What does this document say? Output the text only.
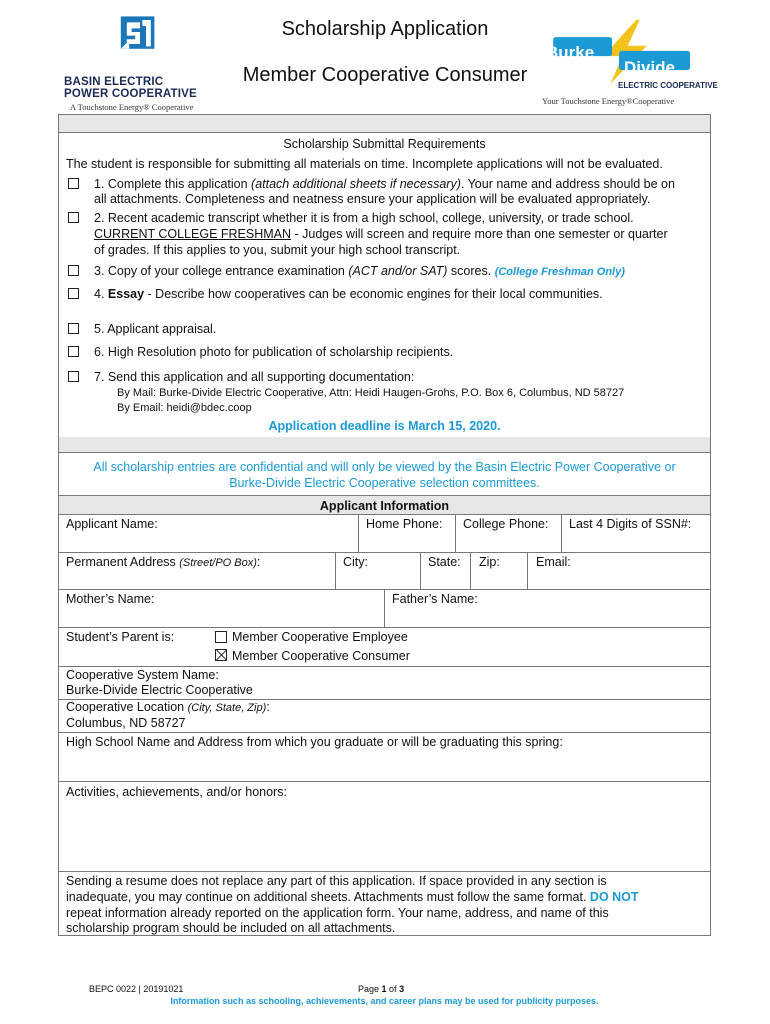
BASIN ELECTRIC
POWER COOPERATIVE
A Touchstone Energy® Cooperative
Scholarship Application
Member Cooperative Consumer
Burke
Divide
ELECTRIC COOPERATIVE
Your Touchstone Energy®Cooperative
Scholarship Submittal Requirements
The student is responsible for submitting all materials on time. Incomplete applications will not be evaluated.
1. Complete this application (attach additional sheets if necessary). Your name and address should be on
all attachments. Completeness and neatness ensure your application will be evaluated appropriately.
2. Recent academic transcript whether it is from a high school, college, university, or trade school.
CURRENT COLLEGE FRESHMAN - Judges will screen and require more than one semester or quarter
of grades. If this applies to you, submit your high school transcript.
3. Copy of your college entrance examination (ACT and/or SAT) scores. (College Freshman Only)
4. Essay - Describe how cooperatives can be economic engines for their local communities.
5. Applicant appraisal.
6. High Resolution photo for publication of scholarship recipients.
7. Send this application and all supporting documentation:
By Mail: Burke-Divide Electric Cooperative, Attn: Heidi Haugen-Grohs, P.O. Box 6, Columbus, ND 58727
By Email: heidi@bdec.coop
Application deadline is March 15, 2020.
All scholarship entries are confidential and will only be viewed by the Basin Electric Power Cooperative or
Burke-Divide Electric Cooperative selection committees.
Applicant Information
Applicant Name:	Home Phone: College Phone: Last 4 Digits of SSN#:
Permanent Address (Street/PO Box):	City:	State: Zip:	Email:
Mother’s Name:	Father’s Name:
Student’s Parent is:	Member Cooperative Employee
Member Cooperative Consumer
Cooperative System Name:
Burke-Divide Electric Cooperative
Cooperative Location (City, State, Zip):
Columbus, ND 58727
High School Name and Address from which you graduate or will be graduating this spring:
Activities, achievements, and/or honors:
Sending a resume does not replace any part of this application. If space provided in any section is
inadequate, you may continue on additional sheets. Attachments must follow the same format. DO NOT
repeat information already reported on the application form. Your name, address, and name of this
scholarship program should be included on all attachments.
BEPC 0022 | 20191021	Page 1 of 3
Information such as schooling, achievements, and career plans may be used for publicity purposes.
